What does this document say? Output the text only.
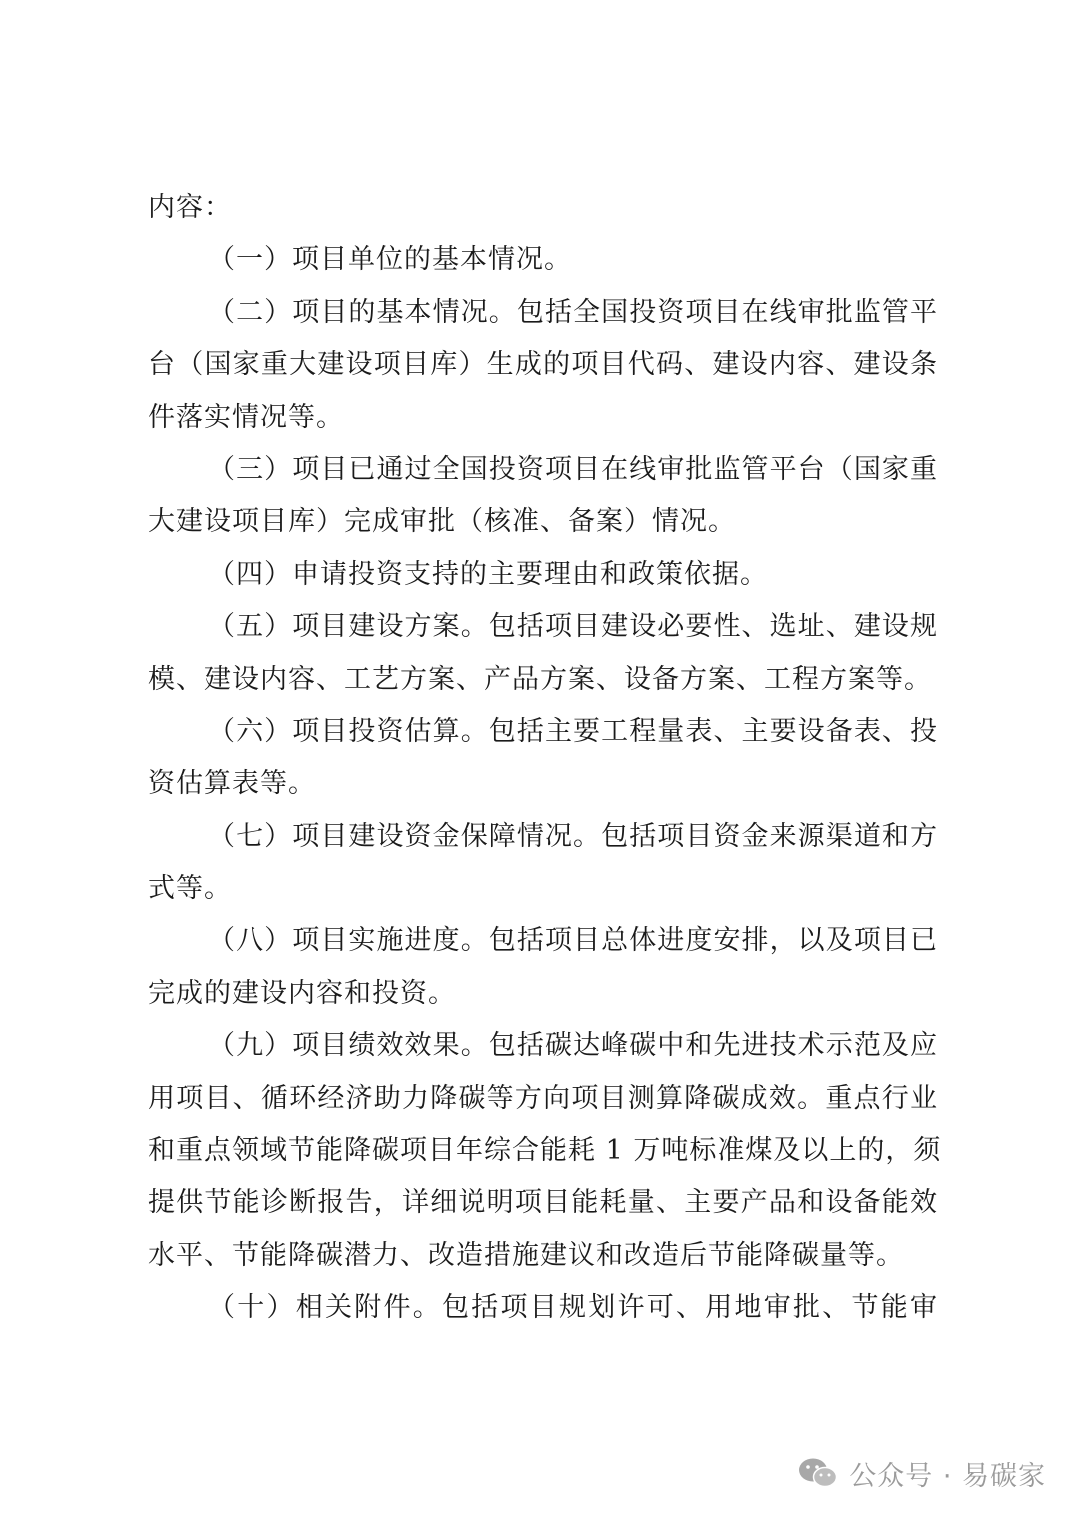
内容：
（一）项目单位的基本情况。
（二）项目的基本情况。包括全国投资项目在线审批监管平
台（国家重大建设项目库）生成的项目代码、建设内容、建设条
件落实情况等。
（三）项目已通过全国投资项目在线审批监管平台（国家重
大建设项目库）完成审批（核准、备案）情况。
（四）申请投资支持的主要理由和政策依据。
（五）项目建设方案。包括项目建设必要性、选址、建设规
模、建设内容、工艺方案、产品方案、设备方案、工程方案等。
（六）项目投资估算。包括主要工程量表、主要设备表、投
资估算表等。
（七）项目建设资金保障情况。包括项目资金来源渠道和方
式等。
（八）项目实施进度。包括项目总体进度安排，以及项目已
完成的建设内容和投资。
（九）项目绩效效果。包括碳达峰碳中和先进技术示范及应
用项目、循环经济助力降碳等方向项目测算降碳成效。重点行业
和重点领域节能降碳项目年综合能耗 1 万吨标准煤及以上的，须
提供节能诊断报告，详细说明项目能耗量、主要产品和设备能效
水平、节能降碳潜力、改造措施建议和改造后节能降碳量等。
（十）相关附件。包括项目规划许可、用地审批、节能审
公众号 · 易碳家
